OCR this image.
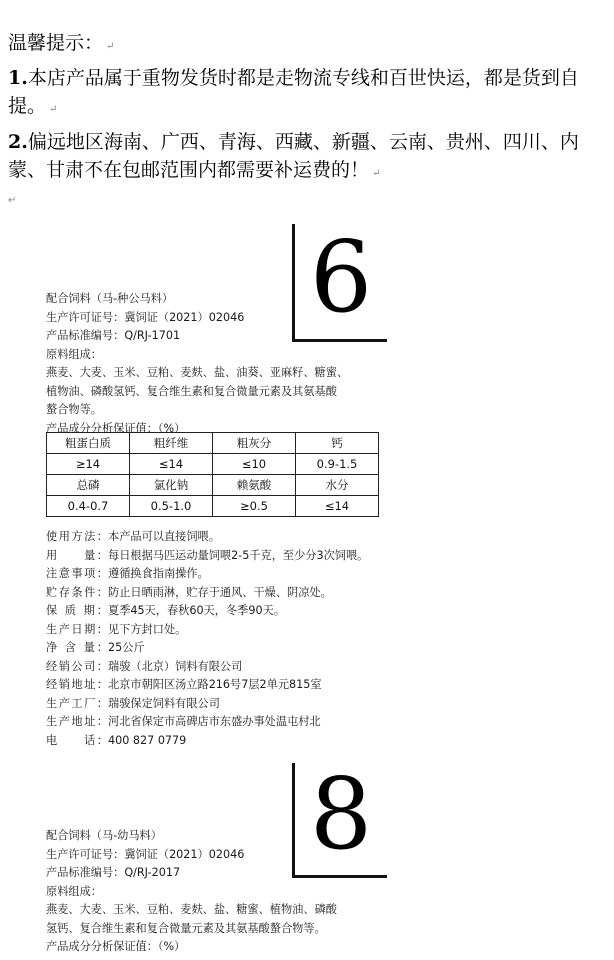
温馨提示： ↵
1.本店产品属于重物发货时都是走物流专线和百世快运，都是货到自提。 ↵
2.偏远地区海南、广西、青海、西藏、新疆、云南、贵州、四川、内蒙、甘肃不在包邮范围内都需要补运费的！ ↵
↵
6
配合饲料（马-种公马料）
生产许可证号：冀饲证（2021）02046
产品标准编号：Q/RJ-1701
原料组成：
燕麦、大麦、玉米、豆粕、麦麸、盐、油葵、亚麻籽、糖蜜、
植物油、磷酸氢钙、复合维生素和复合微量元素及其氨基酸
螯合物等。
产品成分分析保证值：（%）
粗蛋白质	粗纤维	粗灰分	钙
≥14	≤14	≤10	0.9-1.5
总磷	氯化钠	赖氨酸	水分
0.4-0.7	0.5-1.0	≥0.5	≤14
使用方法： 本产品可以直接饲喂。
用　　量： 每日根据马匹运动量饲喂2-5千克，至少分3次饲喂。
注意事项： 遵循换食指南操作。
贮存条件： 防止日晒雨淋，贮存于通风、干燥、阴凉处。
保 质 期： 夏季45天，春秋60天，冬季90天。
生产日期： 见下方封口处。
净 含 量： 25公斤
经销公司： 瑞骏（北京）饲料有限公司
经销地址： 北京市朝阳区汤立路216号7层2单元815室
生产工厂： 瑞骏保定饲料有限公司
生产地址： 河北省保定市高碑店市东盛办事处温屯村北
电　　话： 400 827 0779
8
配合饲料（马-幼马料）
生产许可证号：冀饲证（2021）02046
产品标准编号：Q/RJ-2017
原料组成：
燕麦、大麦、玉米、豆粕、麦麸、盐、糖蜜、植物油、磷酸
氢钙、复合维生素和复合微量元素及其氨基酸螯合物等。
产品成分分析保证值：（%）
